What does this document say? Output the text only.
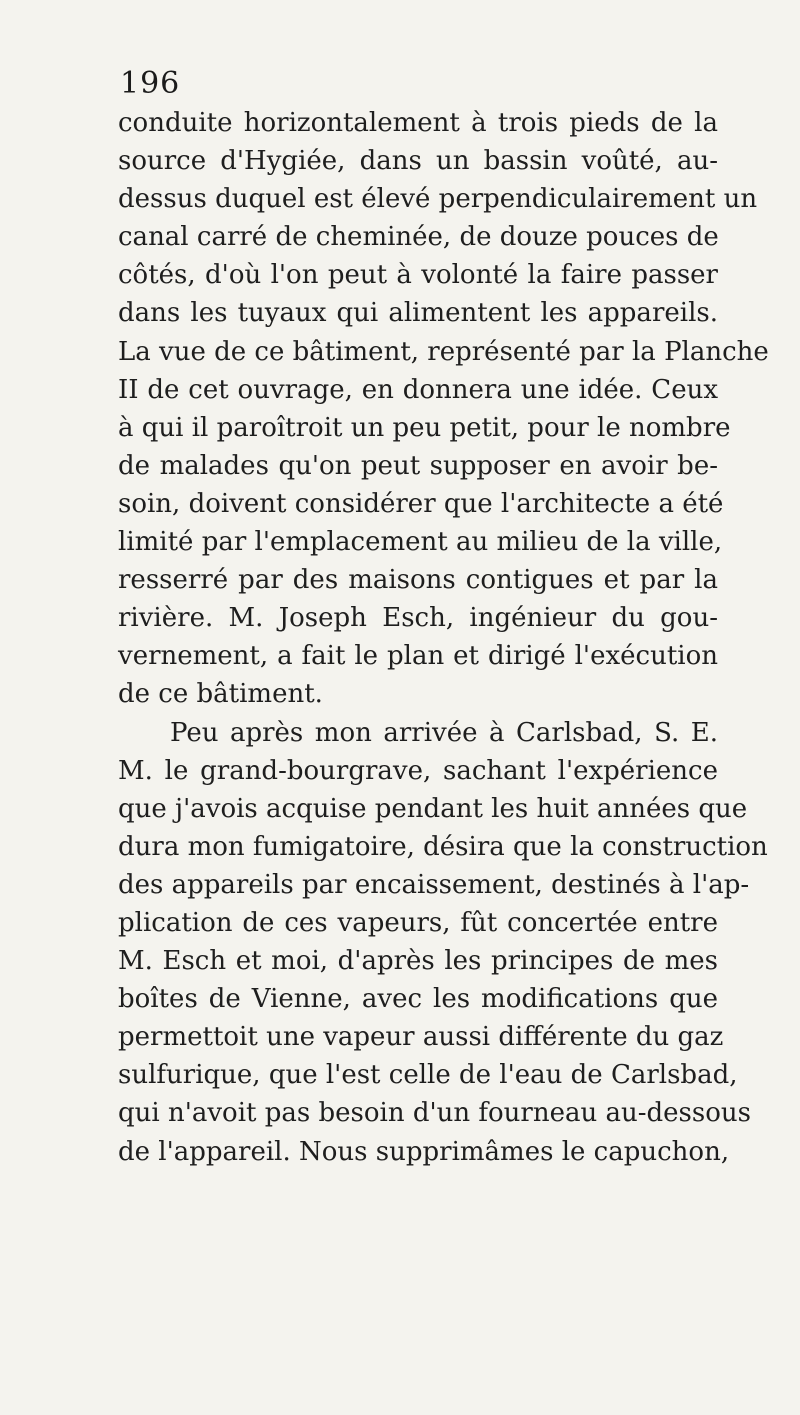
196
conduite horizontalement à trois pieds de la
source d'Hygiée, dans un bassin voûté, au-
dessus duquel est élevé perpendiculairement un
canal carré de cheminée, de douze pouces de
côtés, d'où l'on peut à volonté la faire passer
dans les tuyaux qui alimentent les appareils.
La vue de ce bâtiment, représenté par la Planche
II de cet ouvrage, en donnera une idée. Ceux
à qui il paroîtroit un peu petit, pour le nombre
de malades qu'on peut supposer en avoir be-
soin, doivent considérer que l'architecte a été
limité par l'emplacement au milieu de la ville,
resserré par des maisons contigues et par la
rivière. M. Joseph Esch, ingénieur du gou-
vernement, a fait le plan et dirigé l'exécution
de ce bâtiment.
Peu après mon arrivée à Carlsbad, S. E.
M. le grand-bourgrave, sachant l'expérience
que j'avois acquise pendant les huit années que
dura mon fumigatoire, désira que la construction
des appareils par encaissement, destinés à l'ap-
plication de ces vapeurs, fût concertée entre
M. Esch et moi, d'après les principes de mes
boîtes de Vienne, avec les modifications que
permettoit une vapeur aussi différente du gaz
sulfurique, que l'est celle de l'eau de Carlsbad,
qui n'avoit pas besoin d'un fourneau au-dessous
de l'appareil. Nous supprimâmes le capuchon,
